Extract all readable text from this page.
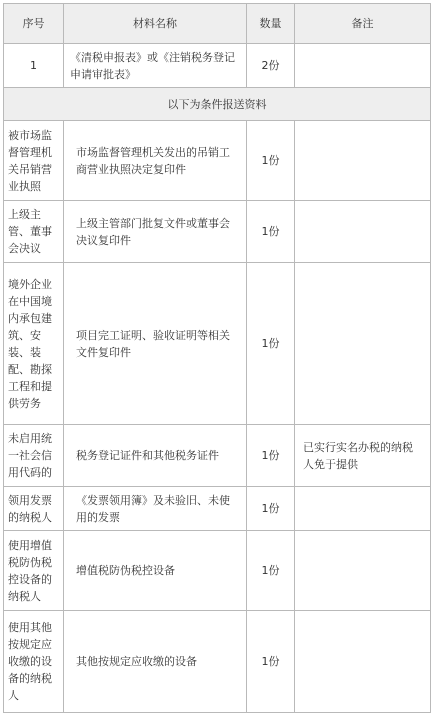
序号	材料名称	数量	备注
1	《清税申报表》或《注销税务登记申请审批表》	2份	
以下为条件报送资料			
被市场监督管理机关吊销营业执照	市场监督管理机关发出的吊销工商营业执照决定复印件	1份	
上级主管、董事会决议	上级主管部门批复文件或董事会决议复印件	1份	
境外企业在中国境内承包建筑、安装、装配、勘探工程和提供劳务	项目完工证明、验收证明等相关文件复印件	1份	
未启用统一社会信用代码的	税务登记证件和其他税务证件	1份	已实行实名办税的纳税人免于提供
领用发票的纳税人	《发票领用簿》及未验旧、未使用的发票	1份	
使用增值税防伪税控设备的纳税人	增值税防伪税控设备	1份	
使用其他按规定应收缴的设备的纳税人	其他按规定应收缴的设备	1份	
